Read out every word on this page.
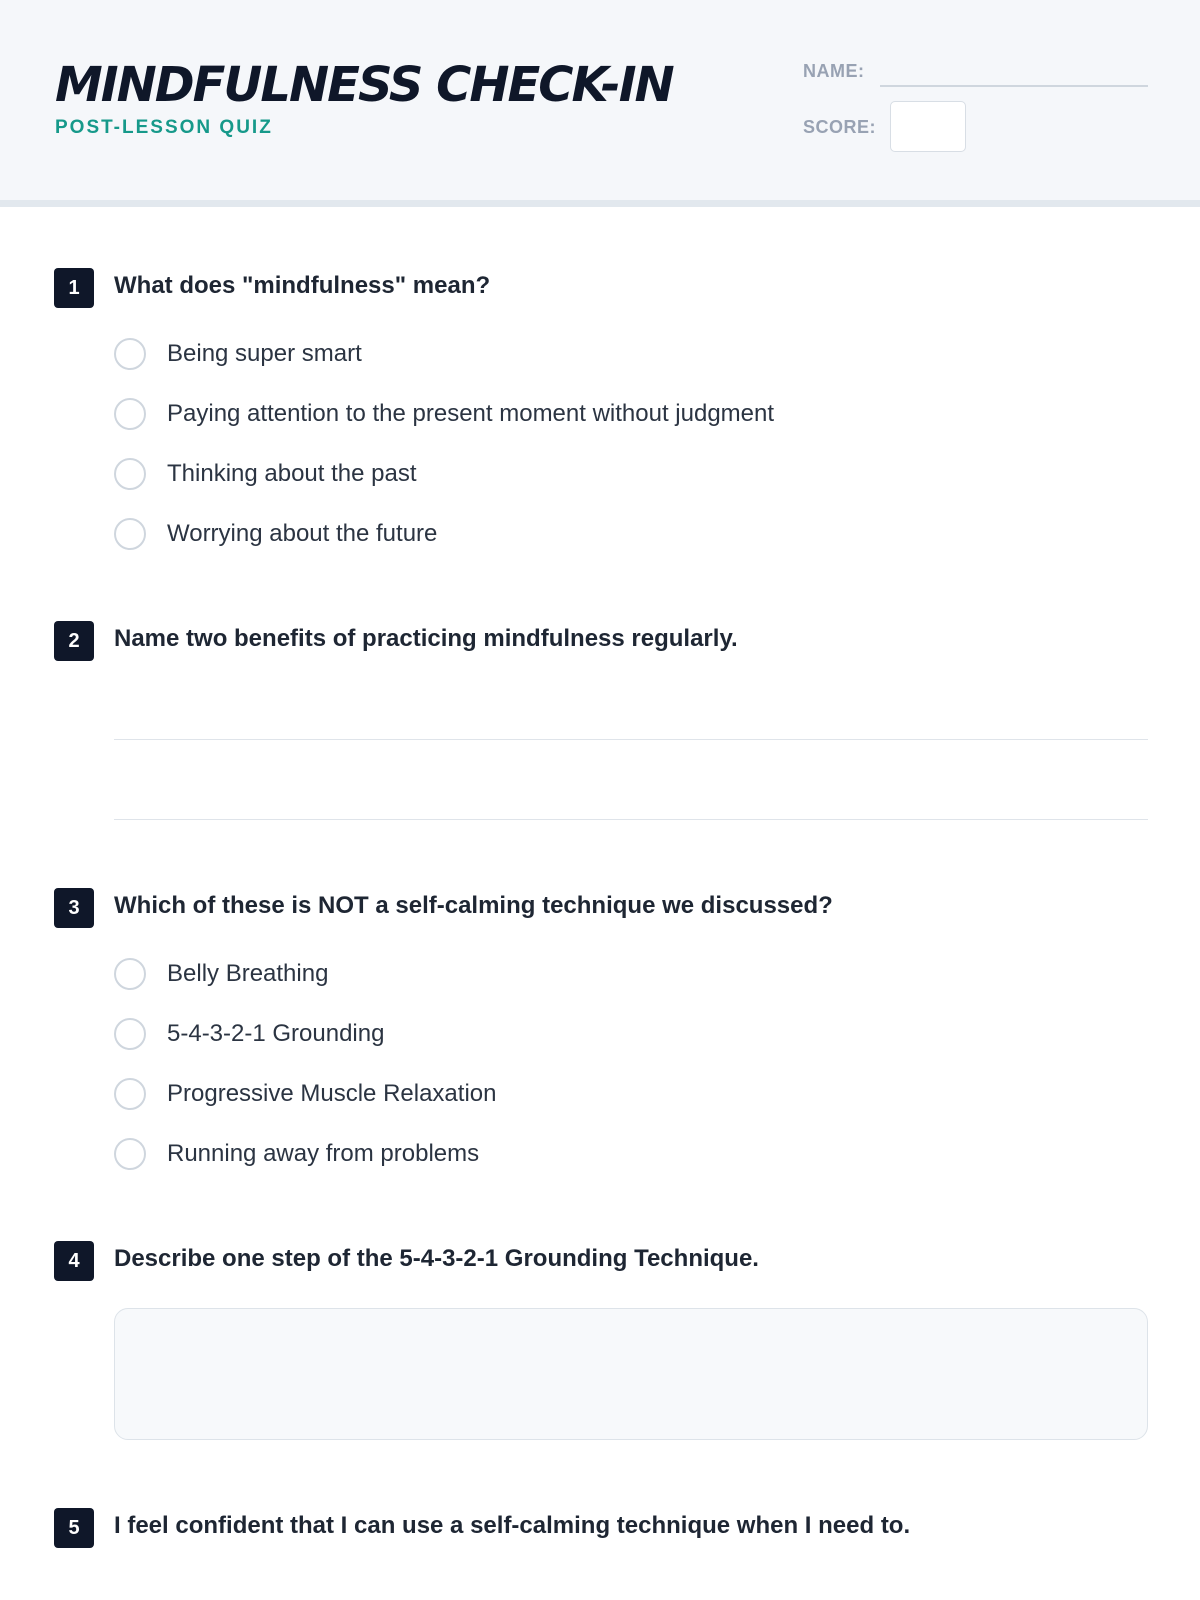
MINDFULNESS CHECK-IN
POST-LESSON QUIZ
NAME:
SCORE:
1	What does "mindfulness" mean?
Being super smart
Paying attention to the present moment without judgment
Thinking about the past
Worrying about the future
2	Name two benefits of practicing mindfulness regularly.
3	Which of these is NOT a self-calming technique we discussed?
Belly Breathing
5-4-3-2-1 Grounding
Progressive Muscle Relaxation
Running away from problems
4	Describe one step of the 5-4-3-2-1 Grounding Technique.
5	I feel confident that I can use a self-calming technique when I need to.
